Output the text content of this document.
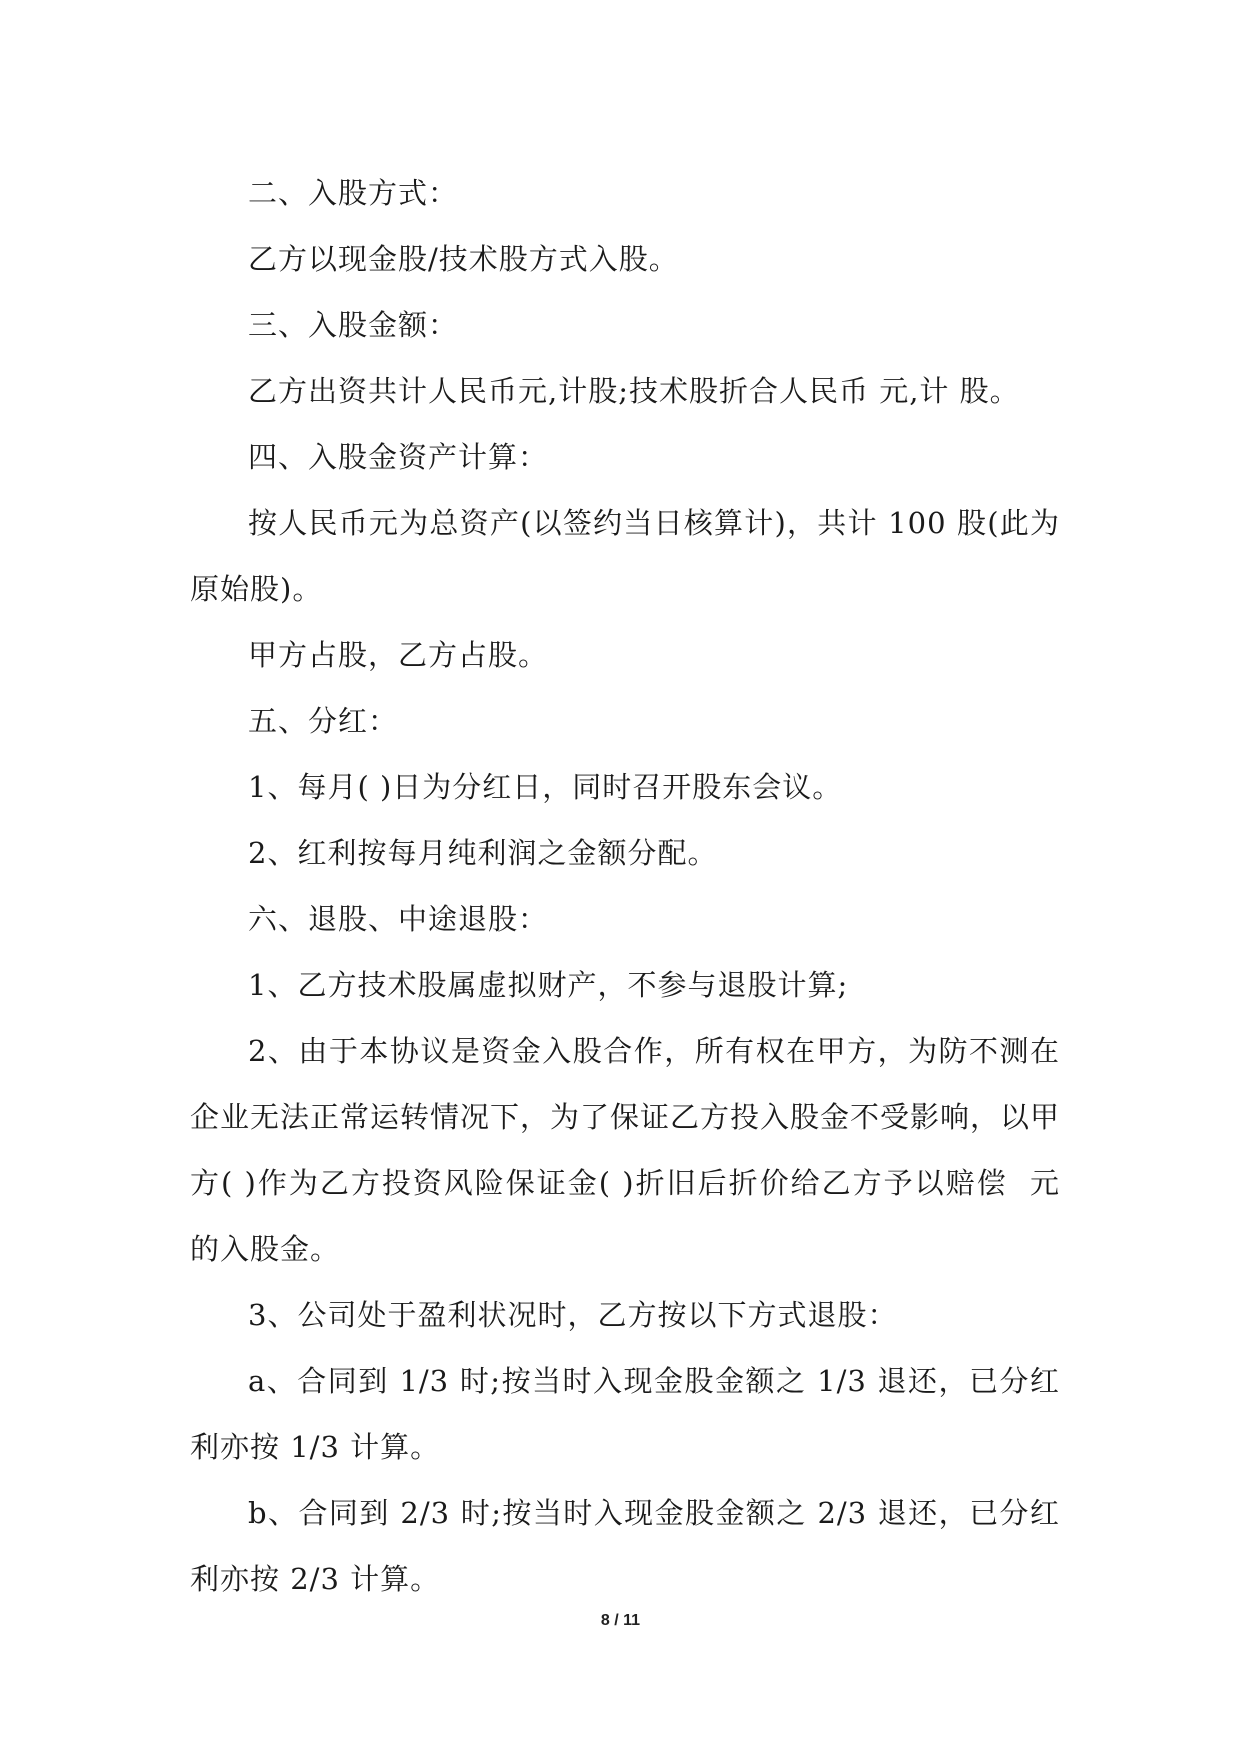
二、入股方式：

乙方以现金股/技术股方式入股。

三、入股金额：

乙方出资共计人民币元,计股;技术股折合人民币 元,计 股。

四、入股金资产计算：

按人民币元为总资产(以签约当日核算计)，共计 100 股(此为原始股)。

甲方占股，乙方占股。

五、分红：

1、每月( )日为分红日，同时召开股东会议。

2、红利按每月纯利润之金额分配。

六、退股、中途退股：

1、乙方技术股属虚拟财产，不参与退股计算;

2、由于本协议是资金入股合作，所有权在甲方，为防不测在企业无法正常运转情况下，为了保证乙方投入股金不受影响，以甲方( )作为乙方投资风险保证金( )折旧后折价给乙方予以赔偿  元的入股金。

3、公司处于盈利状况时，乙方按以下方式退股：

a、合同到 1/3 时;按当时入现金股金额之 1/3 退还，已分红利亦按 1/3 计算。

b、合同到 2/3 时;按当时入现金股金额之 2/3 退还，已分红利亦按 2/3 计算。

8 / 11
